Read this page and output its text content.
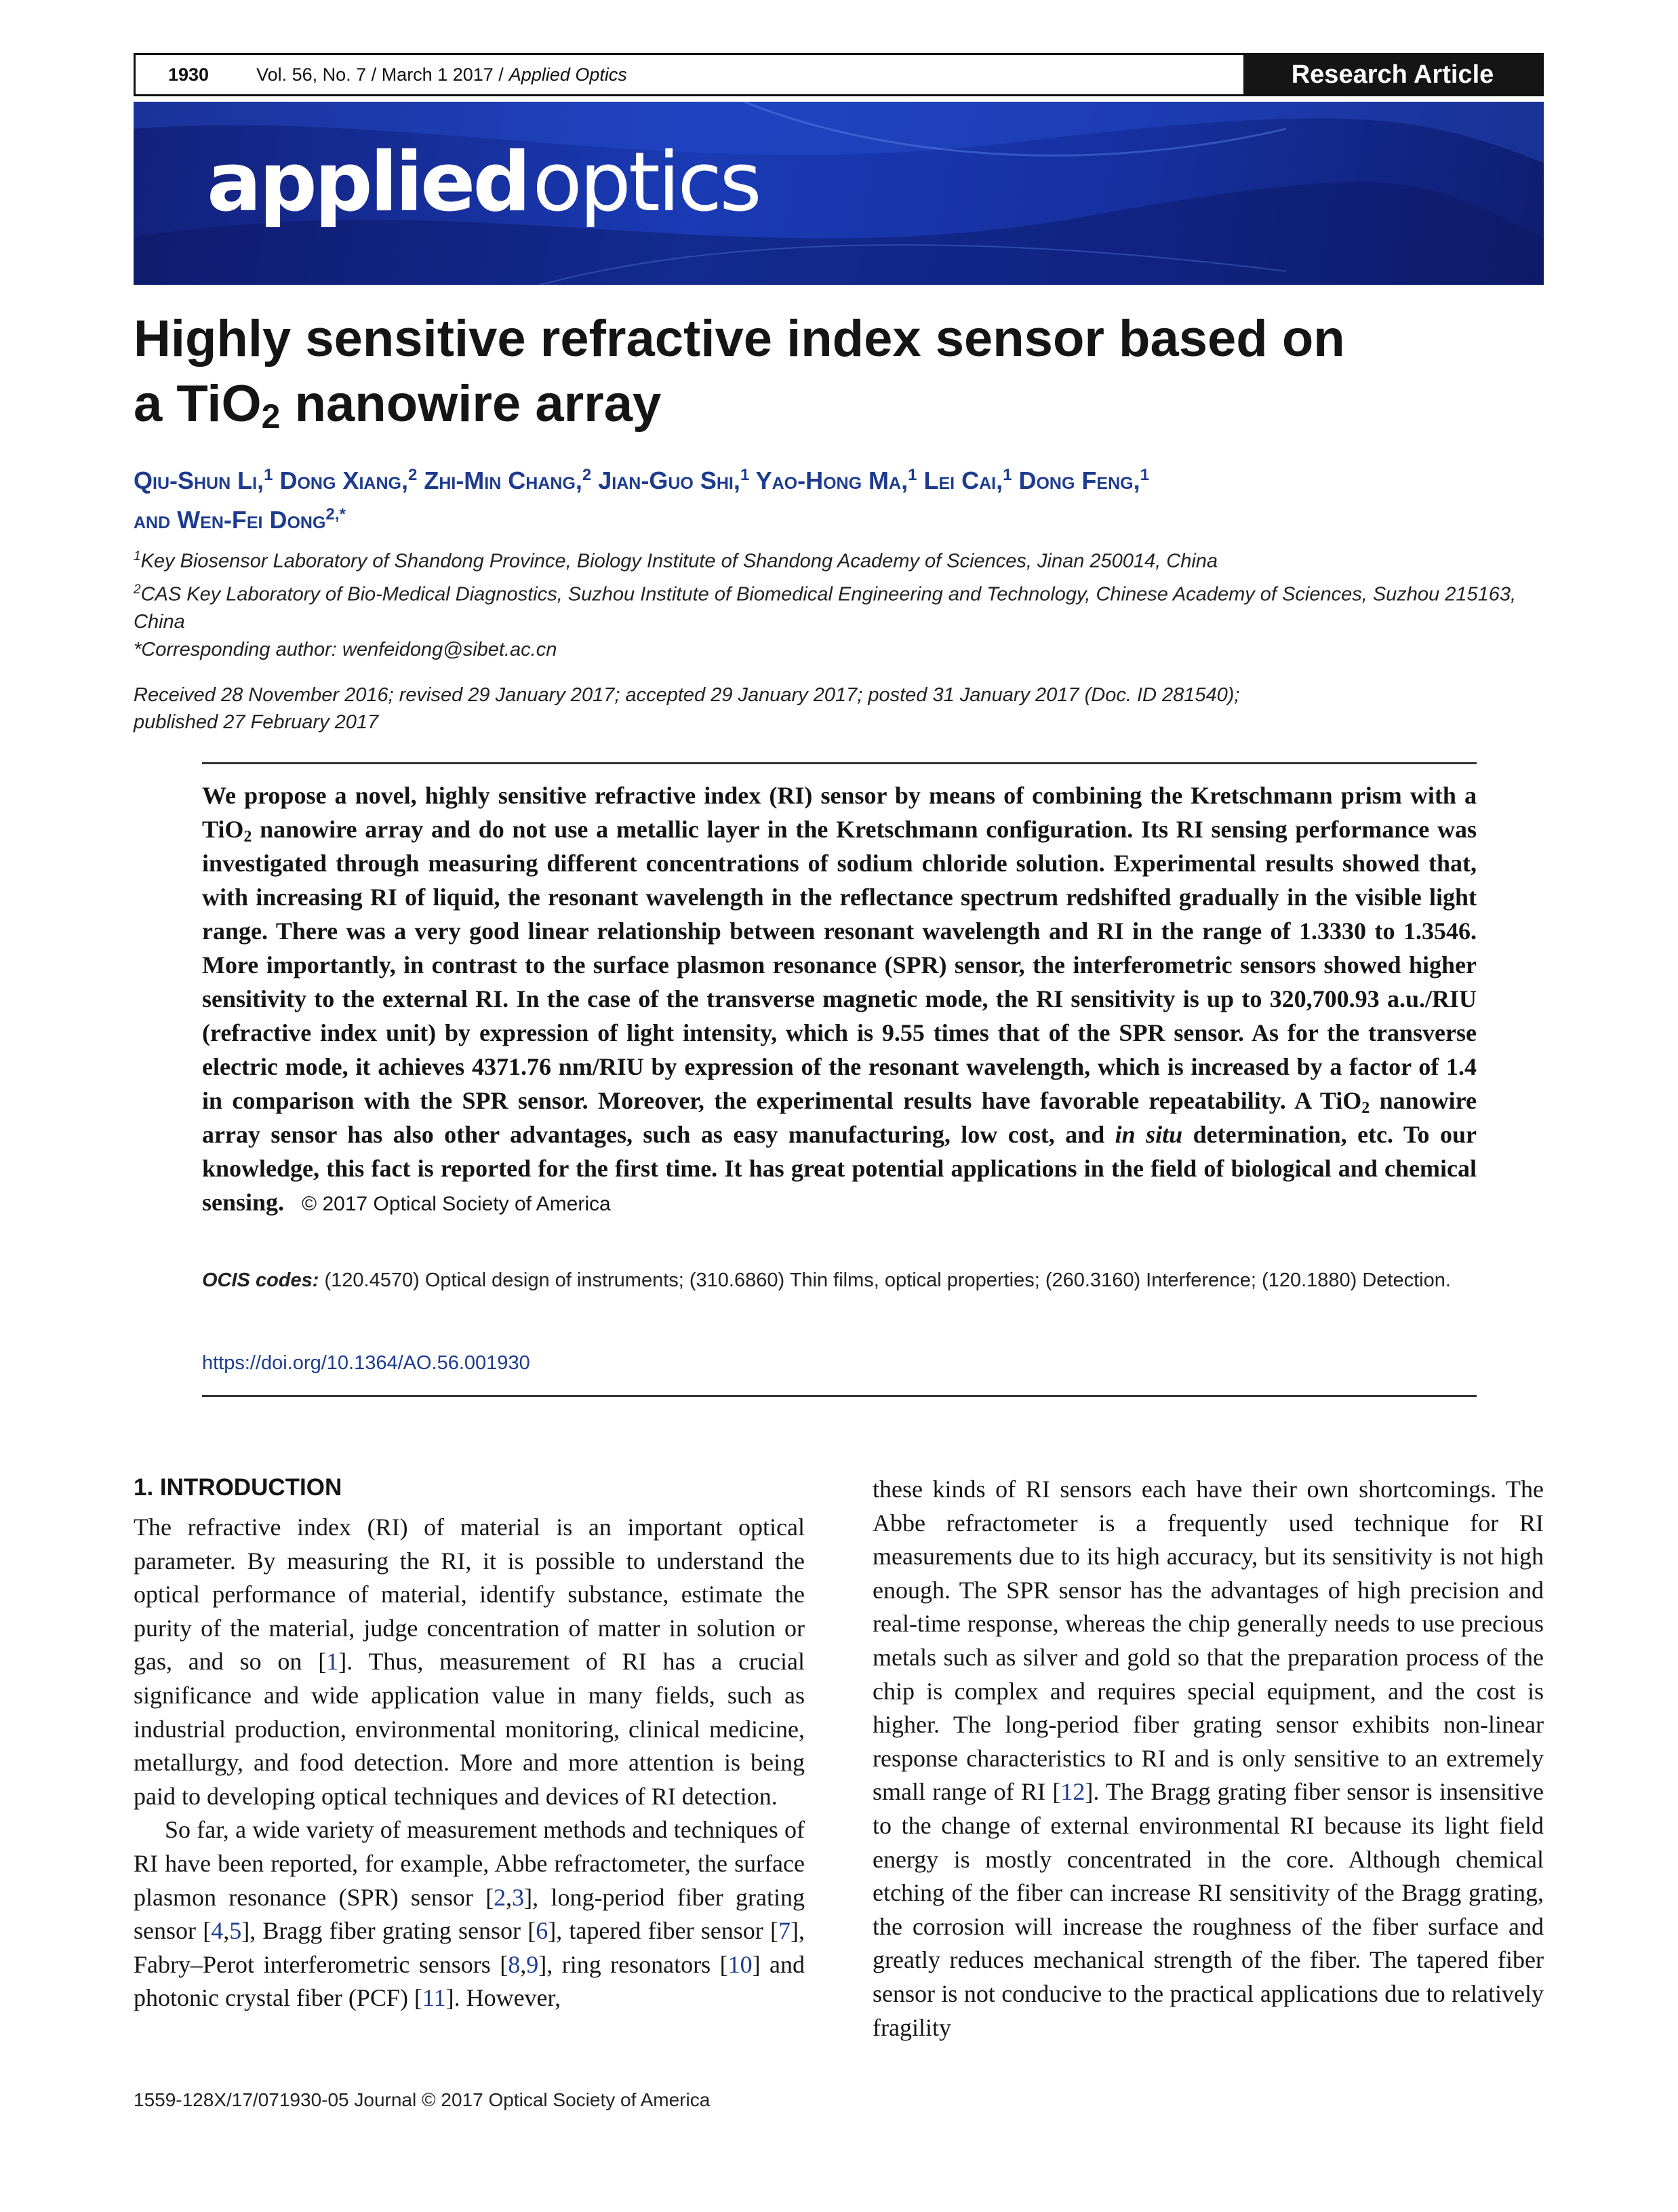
1930	Vol. 56, No. 7 / March 1 2017 / Applied Optics	Research Article
appliedoptics
Highly sensitive refractive index sensor based on
a TiO$_2$ nanowire array
Qiu-Shun Li,$^1$ Dong Xiang,$^2$ Zhi-Min Chang,$^2$ Jian-Guo Shi,$^1$ Yao-Hong Ma,$^1$ Lei Cai,$^1$ Dong Feng,$^1$
and Wen-Fei Dong$^{2,*}$

$^1$Key Biosensor Laboratory of Shandong Province, Biology Institute of Shandong Academy of Sciences, Jinan 250014, China

$^2$CAS Key Laboratory of Bio-Medical Diagnostics, Suzhou Institute of Biomedical Engineering and Technology, Chinese Academy of Sciences, Suzhou 215163, China

*Corresponding author: wenfeidong@sibet.ac.cn

Received 28 November 2016; revised 29 January 2017; accepted 29 January 2017; posted 31 January 2017 (Doc. ID 281540);

published 27 February 2017

We propose a novel, highly sensitive refractive index (RI) sensor by means of combining the Kretschmann prism with a TiO$_2$ nanowire array and do not use a metallic layer in the Kretschmann configuration. Its RI sensing performance was investigated through measuring different concentrations of sodium chloride solution. Experimental results showed that, with increasing RI of liquid, the resonant wavelength in the reflectance spectrum redshifted gradually in the visible light range. There was a very good linear relationship between resonant wavelength and RI in the range of 1.3330 to 1.3546. More importantly, in contrast to the surface plasmon resonance (SPR) sensor, the interferometric sensors showed higher sensitivity to the external RI. In the case of the transverse magnetic mode, the RI sensitivity is up to 320,700.93 a.u./RIU (refractive index unit) by expression of light intensity, which is 9.55 times that of the SPR sensor. As for the transverse electric mode, it achieves 4371.76 nm/RIU by expression of the resonant wavelength, which is increased by a factor of 1.4 in comparison with the SPR sensor. Moreover, the experimental results have favorable repeatability. A TiO$_2$ nanowire array sensor has also other advantages, such as easy manufacturing, low cost, and in situ determination, etc. To our knowledge, this fact is reported for the first time. It has great potential applications in the field of biological and chemical sensing. © 2017 Optical Society of America

OCIS codes: (120.4570) Optical design of instruments; (310.6860) Thin films, optical properties; (260.3160) Interference; (120.1880) Detection.

https://doi.org/10.1364/AO.56.001930
1. INTRODUCTION

The refractive index (RI) of material is an important optical parameter. By measuring the RI, it is possible to understand the optical performance of material, identify substance, estimate the purity of the material, judge concentration of matter in solution or gas, and so on [1]. Thus, measurement of RI has a crucial significance and wide application value in many fields, such as industrial production, environmental monitoring, clinical medicine, metallurgy, and food detection. More and more attention is being paid to developing optical techniques and devices of RI detection.

So far, a wide variety of measurement methods and techniques of RI have been reported, for example, Abbe refractometer, the surface plasmon resonance (SPR) sensor [2,3], long-period fiber grating sensor [4,5], Bragg fiber grating sensor [6], tapered fiber sensor [7], Fabry–Perot interferometric sensors [8,9], ring resonators [10] and photonic crystal fiber (PCF) [11]. However,

these kinds of RI sensors each have their own shortcomings. The Abbe refractometer is a frequently used technique for RI measurements due to its high accuracy, but its sensitivity is not high enough. The SPR sensor has the advantages of high precision and real-time response, whereas the chip generally needs to use precious metals such as silver and gold so that the preparation process of the chip is complex and requires special equipment, and the cost is higher. The long-period fiber grating sensor exhibits non-linear response characteristics to RI and is only sensitive to an extremely small range of RI [12]. The Bragg grating fiber sensor is insensitive to the change of external environmental RI because its light field energy is mostly concentrated in the core. Although chemical etching of the fiber can increase RI sensitivity of the Bragg grating, the corrosion will increase the roughness of the fiber surface and greatly reduces mechanical strength of the fiber. The tapered fiber sensor is not conducive to the practical applications due to relatively fragility

1559-128X/17/071930-05 Journal © 2017 Optical Society of America
